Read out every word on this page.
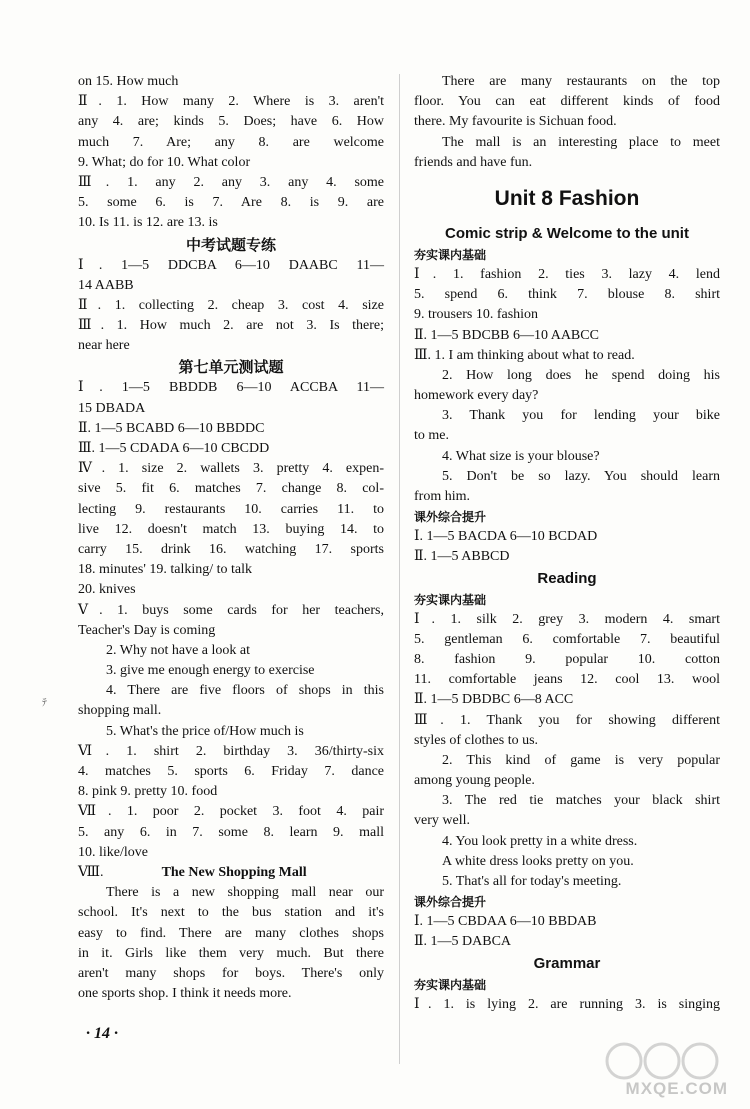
on 15. How much
Ⅱ. 1. How many 2. Where is 3. aren't
any 4. are; kinds 5. Does; have 6. How
much 7. Are; any 8. are welcome
9. What; do for 10. What color
Ⅲ. 1. any 2. any 3. any 4. some
5. some 6. is 7. Are 8. is 9. are
10. Is 11. is 12. are 13. is
中考试题专练
Ⅰ. 1—5 DDCBA 6—10 DAABC 11—
14 AABB
Ⅱ. 1. collecting 2. cheap 3. cost 4. size
Ⅲ. 1. How much 2. are not 3. Is there;
near here
第七单元测试题
Ⅰ. 1—5 BBDDB 6—10 ACCBA 11—
15 DBADA
Ⅱ. 1—5 BCABD 6—10 BBDDC
Ⅲ. 1—5 CDADA 6—10 CBCDD
Ⅳ. 1. size 2. wallets 3. pretty 4. expen-
sive 5. fit 6. matches 7. change 8. col-
lecting 9. restaurants 10. carries 11. to
live 12. doesn't match 13. buying 14. to
carry 15. drink 16. watching 17. sports
18. minutes' 19. talking/ to talk
20. knives
Ⅴ. 1. buys some cards for her teachers,
Teacher's Day is coming
2. Why not have a look at
3. give me enough energy to exercise
4. There are five floors of shops in this
shopping mall.
5. What's the price of/How much is
Ⅵ. 1. shirt 2. birthday 3. 36/thirty-six
4. matches 5. sports 6. Friday 7. dance
8. pink 9. pretty 10. food
Ⅶ. 1. poor 2. pocket 3. foot 4. pair
5. any 6. in 7. some 8. learn 9. mall
10. like/love
Ⅷ.	The New Shopping Mall
There is a new shopping mall near our
school. It's next to the bus station and it's
easy to find. There are many clothes shops
in it. Girls like them very much. But there
aren't many shops for boys. There's only
one sports shop. I think it needs more.
There are many restaurants on the top
floor. You can eat different kinds of food
there. My favourite is Sichuan food.
The mall is an interesting place to meet
friends and have fun.
Unit 8 Fashion
Comic strip & Welcome to the unit
夯实课内基础
Ⅰ. 1. fashion 2. ties 3. lazy 4. lend
5. spend 6. think 7. blouse 8. shirt
9. trousers 10. fashion
Ⅱ. 1—5 BDCBB 6—10 AABCC
Ⅲ. 1. I am thinking about what to read.
2. How long does he spend doing his
homework every day?
3. Thank you for lending your bike
to me.
4. What size is your blouse?
5. Don't be so lazy. You should learn
from him.
课外综合提升
Ⅰ. 1—5 BACDA 6—10 BCDAD
Ⅱ. 1—5 ABBCD
Reading
夯实课内基础
Ⅰ. 1. silk 2. grey 3. modern 4. smart
5. gentleman 6. comfortable 7. beautiful
8. fashion 9. popular 10. cotton
11. comfortable jeans 12. cool 13. wool
Ⅱ. 1—5 DBDBC 6—8 ACC
Ⅲ. 1. Thank you for showing different
styles of clothes to us.
2. This kind of game is very popular
among young people.
3. The red tie matches your black shirt
very well.
4. You look pretty in a white dress.
A white dress looks pretty on you.
5. That's all for today's meeting.
课外综合提升
Ⅰ. 1—5 CBDAA 6—10 BBDAB
Ⅱ. 1—5 DABCA
Grammar
夯实课内基础
Ⅰ. 1. is lying 2. are running 3. is singing
ﾃ
· 14 ·
MXQE.COM
